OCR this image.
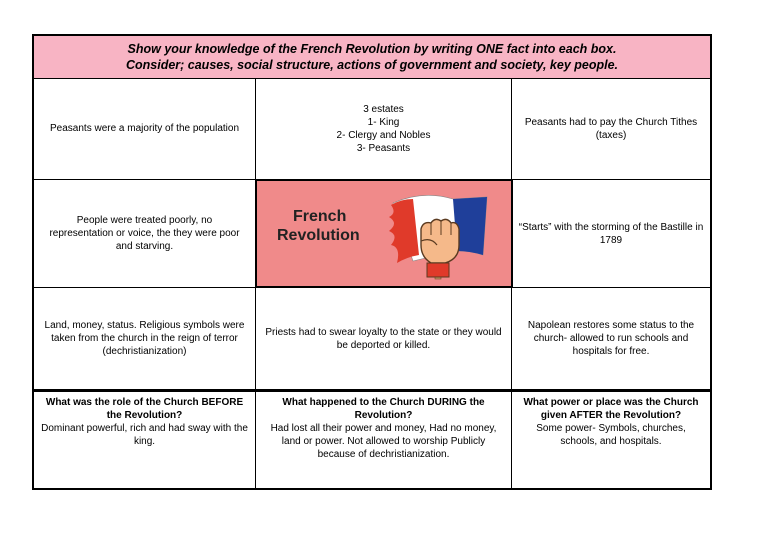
Show your knowledge of the French Revolution by writing ONE fact into each box.
Consider; causes, social structure, actions of government and society, key people.
Peasants were a majority of the population
3 estates
1- King
2- Clergy and Nobles
3- Peasants
Peasants had to pay the Church Tithes (taxes)
People were treated poorly, no representation or voice, the they were poor and starving.
French
Revolution	“Starts” with the storming of the Bastille in 1789
Land, money, status. Religious symbols were taken from the church in the reign of terror (dechristianization)
Priests had to swear loyalty to the state or they would be deported or killed.
Napolean restores some status to the church- allowed to run schools and hospitals for free.
What was the role of the Church BEFORE the Revolution?
Dominant powerful, rich and had sway with the king.
What happened to the Church DURING the Revolution?
Had lost all their power and money, Had no money, land or power. Not allowed to worship Publicly because of dechristianization.
What power or place was the Church given AFTER the Revolution?
Some power- Symbols, churches, schools, and hospitals.
